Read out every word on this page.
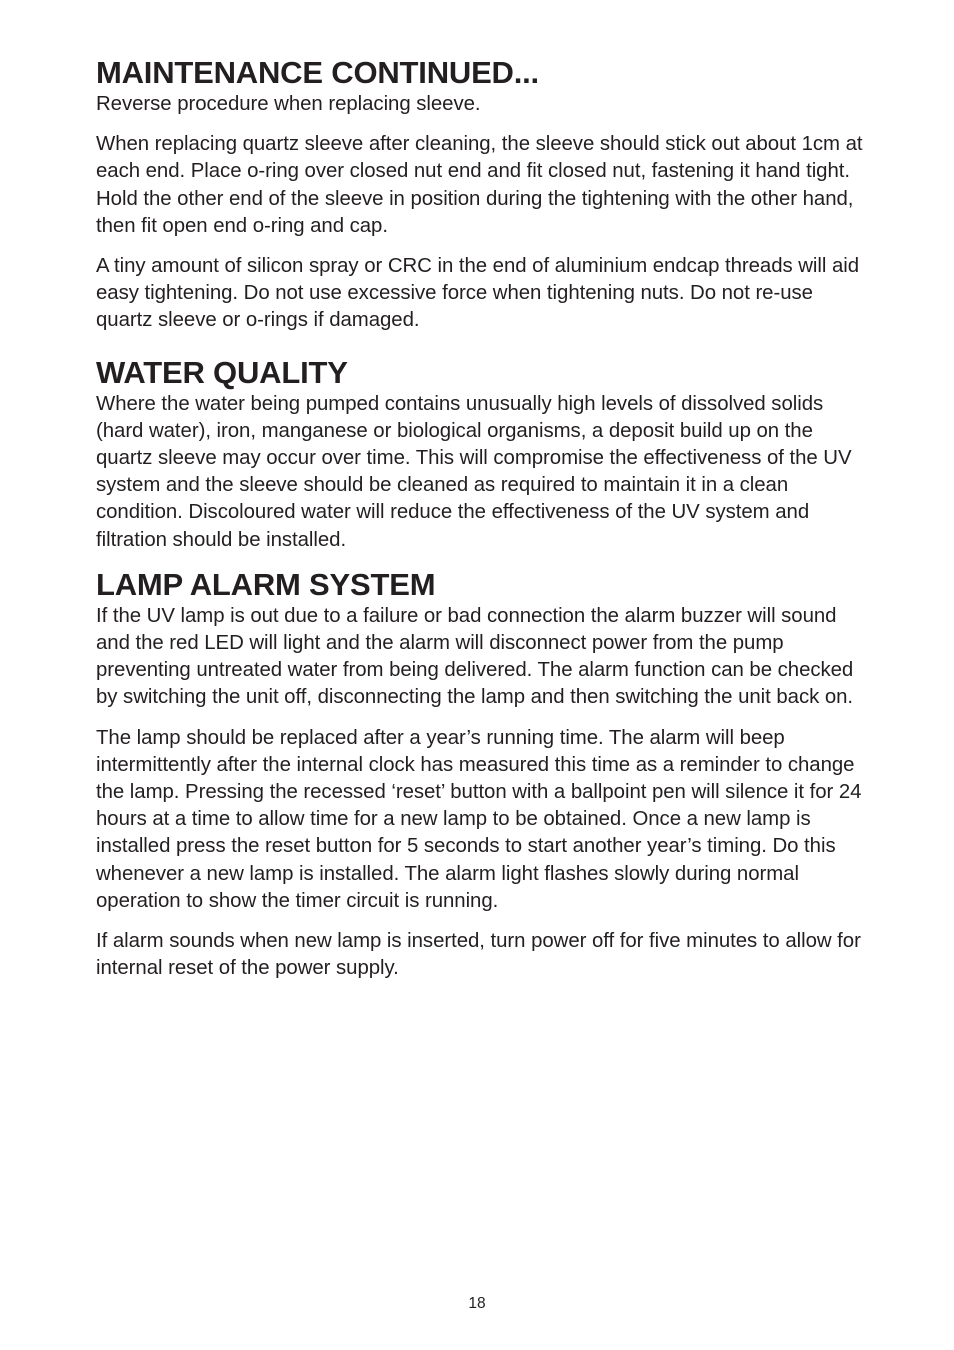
MAINTENANCE CONTINUED...

Reverse procedure when replacing sleeve.

When replacing quartz sleeve after cleaning, the sleeve should stick out about 1cm at each end. Place o-ring over closed nut end and fit closed nut, fastening it hand tight. Hold the other end of the sleeve in position during the tightening with the other hand, then fit open end o-ring and cap.

A tiny amount of silicon spray or CRC in the end of aluminium endcap threads will aid easy tightening. Do not use excessive force when tightening nuts. Do not re-use quartz sleeve or o-rings if damaged.

WATER QUALITY

Where the water being pumped contains unusually high levels of dissolved solids (hard water), iron, manganese or biological organisms, a deposit build up on the quartz sleeve may occur over time. This will compromise the effectiveness of the UV system and the sleeve should be cleaned as required to maintain it in a clean condition. Discoloured water will reduce the effectiveness of the UV system and filtration should be installed.

LAMP ALARM SYSTEM

If the UV lamp is out due to a failure or bad connection the alarm buzzer will sound and the red LED will light and the alarm will disconnect power from the pump preventing untreated water from being delivered. The alarm function can be checked by switching the unit off, disconnecting the lamp and then switching the unit back on.

The lamp should be replaced after a year’s running time. The alarm will beep intermittently after the internal clock has measured this time as a reminder to change the lamp. Pressing the recessed ‘reset’ button with a ballpoint pen will silence it for 24 hours at a time to allow time for a new lamp to be obtained. Once a new lamp is installed press the reset button for 5 seconds to start another year’s timing. Do this whenever a new lamp is installed. The alarm light flashes slowly during normal operation to show the timer circuit is running.

If alarm sounds when new lamp is inserted, turn power off for five minutes to allow for internal reset of the power supply.

18
